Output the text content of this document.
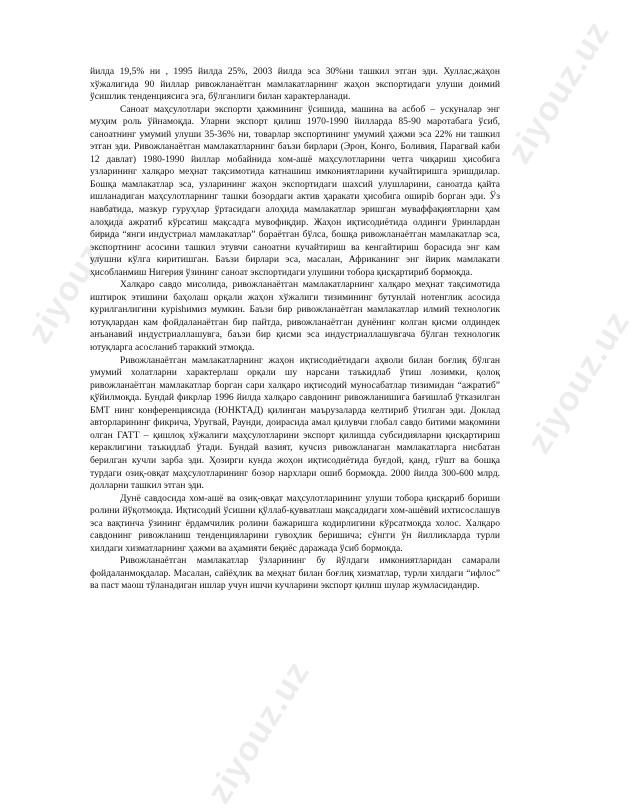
ziyouz.uz
ziyouz.uz
ziyouz.uz
ziyouz.uz

йилда 19,5% ни , 1995 йилда 25%, 2003 йилда эса 30%ни ташкил этган эди. Хуллас,жаҳон хўжалигида 90 йиллар ривожланаётган мамлакатларнинг жаҳон экспортидаги улуши доимий ўсишлик тенденциясига эга, бўлганлиги билан характерланади.

Саноат маҳсулотлари экспорти ҳажмининг ўсишида, машина ва асбоб – ускуналар энг муҳим роль ўйнамоқда. Уларни экспорт қилиш 1970-1990 йилларда 85-90 маротабага ўсиб, саноатнинг умумий улуши 35-36% ни, товарлар экспортининг умумий ҳажми эса 22% ни ташкил этган эди. Ривожланаётган мамлакатларнинг баъзи бирлари (Эрон, Конго, Боливия, Парагвай каби 12 давлат) 1980-1990 йиллар мобайнида хом-ашё маҳсулотларини четга чиқариш ҳисобига узларининг халқаро меҳнат тақсимотида катнашиш имкониятларини кучайтиришга эришдилар. Бошқа мамлакатлар эса, узларининг жаҳон экспортидаги шахсий улушларини, саноатда қайта ишланадиган маҳсулотларнинг ташки бозордаги актив ҳаракати ҳисобига оширib борган эди. Ўз навбатида, мазкур гуруҳлар ўртасидаги алоҳида мамлакатлар эришган муваффақиятларни ҳам алоҳида ажратиб кўрсатиш мақсадга мувофиқдир. Жаҳон иқтисодиётида олдинги ўринлардан бирида “янги индустриал мамлакатлар” бораётган бўлса, бошқа ривожланаётган мамлакатлар эса, экспортнинг асосини ташкил этувчи саноатни кучайтириш ва кенгайтириш борасида энг кам улушни кўлга киритишган. Баъзи бирлари эса, масалан, Африканинг энг йирик мамлакати ҳисобланмиш Нигерия ўзининг саноат экспортидаги улушини тобора қисқартириб бормоқда.

Халқаро савдо мисолида, ривожланаётган мамлакатларнинг халқаро меҳнат тақсимотида иштирок этишини баҳолаш орқали жаҳон хўжалиги тизимининг бутунлай нотенглик асосида курилганлигини курishимиз мумкин. Баъзи бир ривожланаётган мамлакатлар илмий технологик ютуқлардан кам фойдаланаётган бир пайтда, ривожланаётган дунёнинг колган қисми олдиндек анъанавий индустриаллашувга, баъзи бир қисми эса индустриаллашувгача бўлган технологик ютуқларга асосланиб тараккий этмоқда.

Ривожланаётган мамлакатларнинг жаҳон иқтисодиётидаги аҳволи билан боғлиқ бўлган умумий холатларни характерлаш орқали шу нарсани таъкидлаб ўтиш лозимки, қолоқ ривожланаётган мамлакатлар борган сари халқаро иқтисодий муносабатлар тизимидан “ажратиб” қўйилмоқда. Бундай фикрлар 1996 йилда халқаро савдонинг ривожланишига бағишлаб ўтказилган БМТ нинг конференциясида (ЮНКТАД) қилинган маърузаларда келтириб ўтилган эди. Доклад авторларининг фикрича, Уругвай, Раунди, доирасида амал қилувчи глобал савдо битими мақомини олган ГАТТ – қишлоқ хўжалиги маҳсулотларини экспорт қилишда субсидияларни қисқартириш кераклигини таъкидлаб ўтади. Бундай вазият, кучсиз ривожланаган мамлакатларга нисбатан берилган кучли зарба эди. Ҳозирги кунда жоҳон иқтисодиётида буғдой, қанд, гўшт ва бошқа турдаги озиқ-овқат маҳсулотларининг бозор нархлари ошиб бормоқда. 2000 йилда 300-600 млрд. долларни ташкил этган эди.

Дунё савдосида хом-ашё ва озиқ-овқат маҳсулотларининг улуши тобора қисқариб бориши ролини йўқотмоқда. Иқтисодий ўсишни қўллаб-қувватлаш мақсадидаги хом-ашёвий ихтисослашув эса вақтинча ўзининг ёрдамчилик ролини бажаришга кодирлигини кўрсатмоқда холос. Халқаро савдонинг ривожланиш тенденцияларини гувоҳлик беришича; сўнгги ўн йилликларда турли хилдаги хизматларнинг ҳажми ва аҳамияти беқиёс даражада ўсиб бормоқда.

Ривожланаётган мамлакатлар ўзларининг бу йўлдаги имкониятларидан самарали фойдаланмоқдалар. Масалан, сайёҳлик ва меҳнат билан боғлиқ хизматлар, турли хилдаги “ифлос” ва паст маош тўланадиган ишлар учун ишчи кучларини экспорт қилиш шулар жумласидандир.
